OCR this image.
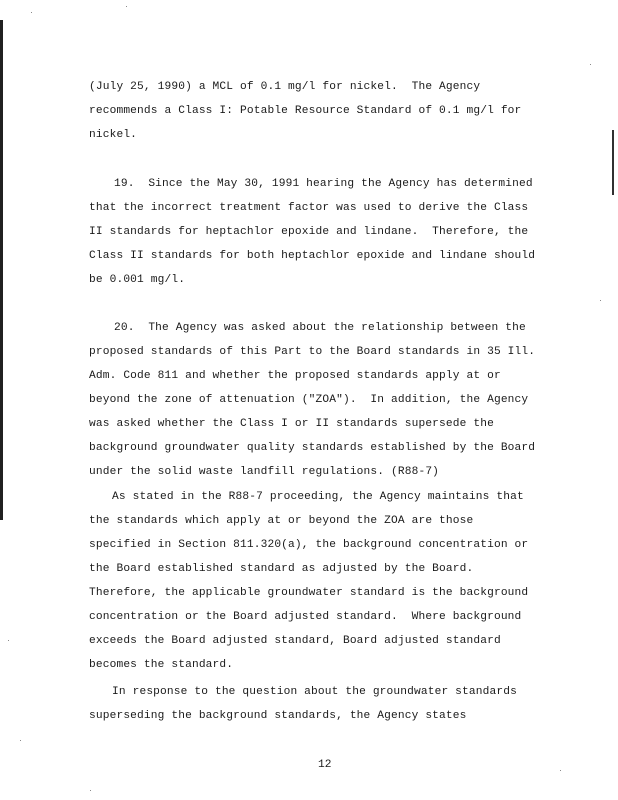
(July 25, 1990) a MCL of 0.1 mg/l for nickel.  The Agency
recommends a Class I: Potable Resource Standard of 0.1 mg/l for
nickel.
19.  Since the May 30, 1991 hearing the Agency has determined
that the incorrect treatment factor was used to derive the Class
II standards for heptachlor epoxide and lindane.  Therefore, the
Class II standards for both heptachlor epoxide and lindane should
be 0.001 mg/l.
20.  The Agency was asked about the relationship between the
proposed standards of this Part to the Board standards in 35 Ill.
Adm. Code 811 and whether the proposed standards apply at or
beyond the zone of attenuation ("ZOA").  In addition, the Agency
was asked whether the Class I or II standards supersede the
background groundwater quality standards established by the Board
under the solid waste landfill regulations. (R88-7)
As stated in the R88-7 proceeding, the Agency maintains that
the standards which apply at or beyond the ZOA are those
specified in Section 811.320(a), the background concentration or
the Board established standard as adjusted by the Board.
Therefore, the applicable groundwater standard is the background
concentration or the Board adjusted standard.  Where background
exceeds the Board adjusted standard, Board adjusted standard
becomes the standard.
In response to the question about the groundwater standards
superseding the background standards, the Agency states
12
